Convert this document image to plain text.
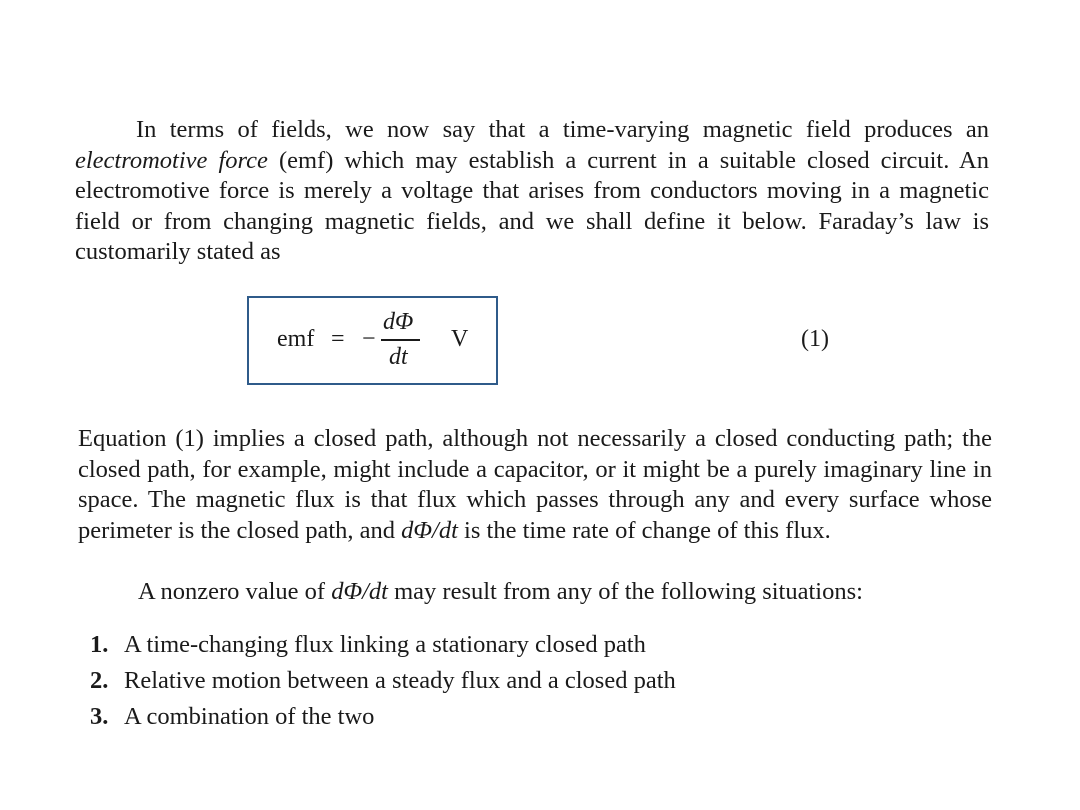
In terms of fields, we now say that a time-varying magnetic field produces an electromotive force (emf) which may establish a current in a suitable closed circuit. An electromotive force is merely a voltage that arises from conductors moving in a magnetic field or from changing magnetic fields, and we shall define it below. Faraday’s law is customarily stated as

emf = −
dΦ
dt
V	(1)

Equation (1) implies a closed path, although not necessarily a closed conducting path; the closed path, for example, might include a capacitor, or it might be a purely imaginary line in space. The magnetic flux is that flux which passes through any and every surface whose perimeter is the closed path, and dΦ/dt is the time rate of change of this flux.

A nonzero value of dΦ/dt may result from any of the following situations:

1. A time-changing flux linking a stationary closed path
2. Relative motion between a steady flux and a closed path
3. A combination of the two
